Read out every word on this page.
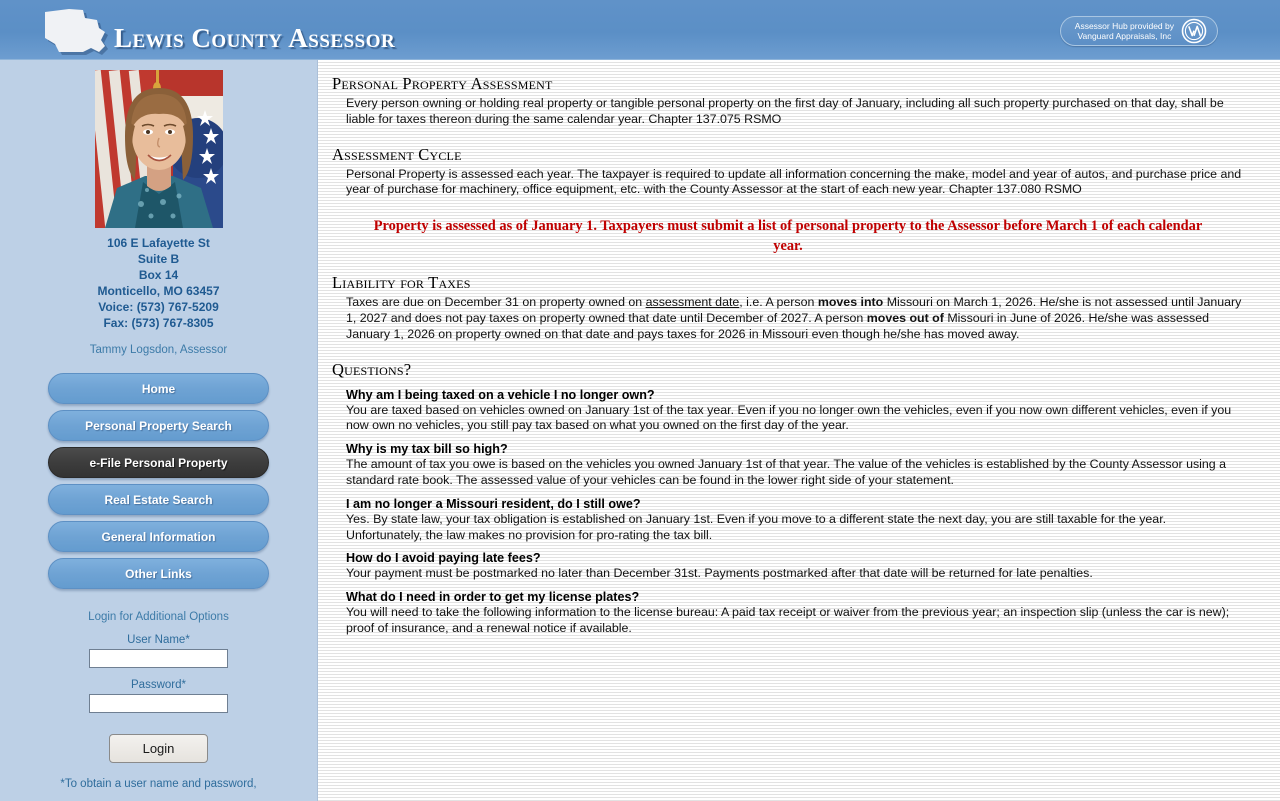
Lewis County Assessor	Assessor Hub provided by
Vanguard Appraisals, Inc
106 E Lafayette St
Suite B
Box 14
Monticello, MO 63457
Voice: (573) 767-5209
Fax: (573) 767-8305
Tammy Logsdon, Assessor
Home
Personal Property Search
e-File Personal Property
Real Estate Search
General Information
Other Links
Login for Additional Options
User Name*
Password*
Login
*To obtain a user name and password,
Personal Property Assessment

Every person owning or holding real property or tangible personal property on the first day of January, including all such property purchased on that day, shall be liable for taxes thereon during the same calendar year. Chapter 137.075 RSMO

Assessment Cycle

Personal Property is assessed each year. The taxpayer is required to update all information concerning the make, model and year of autos, and purchase price and year of purchase for machinery, office equipment, etc. with the County Assessor at the start of each new year. Chapter 137.080 RSMO

Property is assessed as of January 1. Taxpayers must submit a list of personal property to the Assessor before March 1 of each calendar year.
Liability for Taxes

Taxes are due on December 31 on property owned on assessment date, i.e. A person moves into Missouri on March 1, 2026. He/she is not assessed until January 1, 2027 and does not pay taxes on property owned that date until December of 2027. A person moves out of Missouri in June of 2026. He/she was assessed January 1, 2026 on property owned on that date and pays taxes for 2026 in Missouri even though he/she has moved away.

Questions?
Why am I being taxed on a vehicle I no longer own?
You are taxed based on vehicles owned on January 1st of the tax year. Even if you no longer own the vehicles, even if you now own different vehicles, even if you now own no vehicles, you still pay tax based on what you owned on the first day of the year.
Why is my tax bill so high?
The amount of tax you owe is based on the vehicles you owned January 1st of that year. The value of the vehicles is established by the County Assessor using a standard rate book. The assessed value of your vehicles can be found in the lower right side of your statement.
I am no longer a Missouri resident, do I still owe?
Yes. By state law, your tax obligation is established on January 1st. Even if you move to a different state the next day, you are still taxable for the year. Unfortunately, the law makes no provision for pro-rating the tax bill.
How do I avoid paying late fees?
Your payment must be postmarked no later than December 31st. Payments postmarked after that date will be returned for late penalties.
What do I need in order to get my license plates?
You will need to take the following information to the license bureau: A paid tax receipt or waiver from the previous year; an inspection slip (unless the car is new); proof of insurance, and a renewal notice if available.
